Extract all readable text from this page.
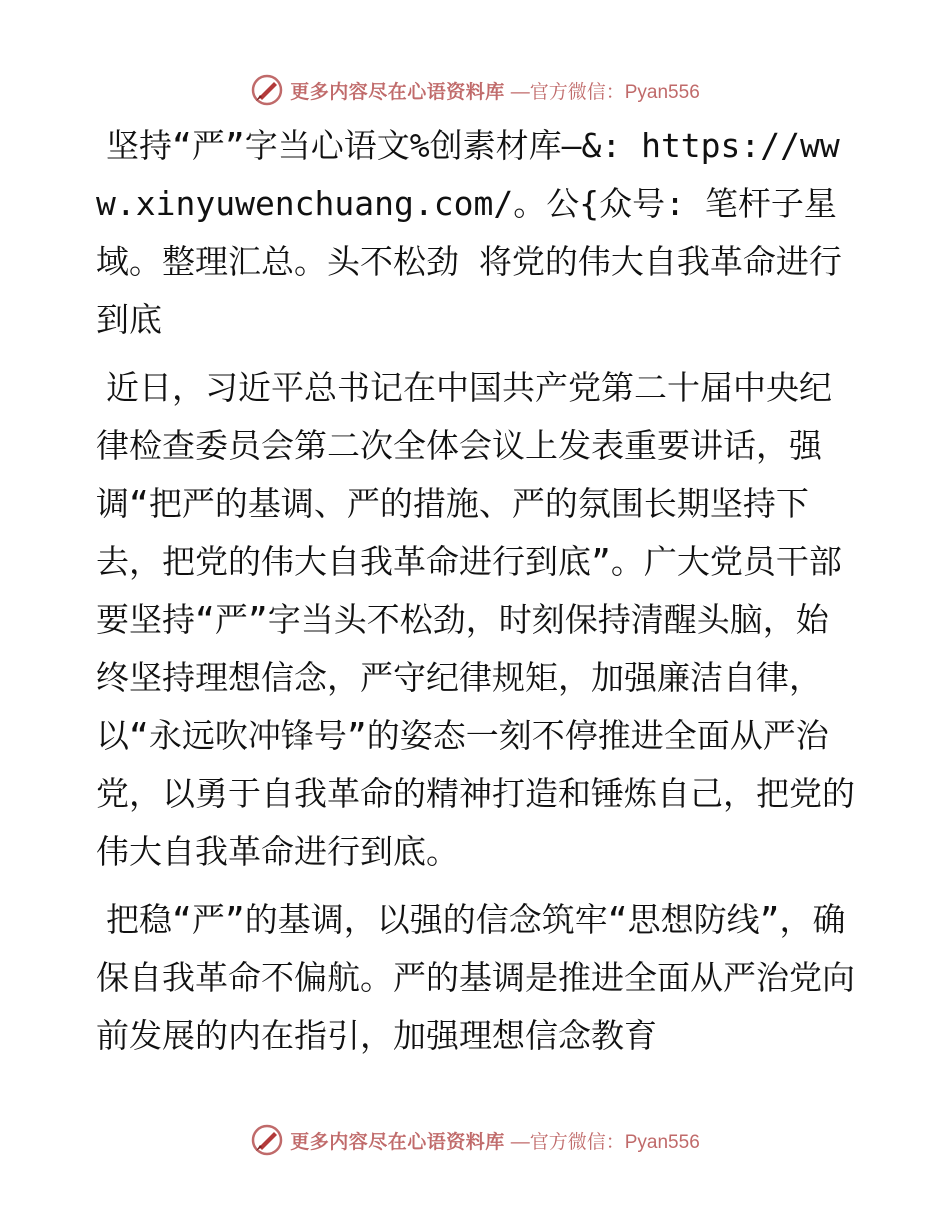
更多内容尽在心语资料库 —官方微信：Pyan556

坚持“严”字当心语文%创素材库—&: https://www.xinyuwenchuang.com/。公{众号: 笔杆子星域。整理汇总。头不松劲 将党的伟大自我革命进行到底

近日，习近平总书记在中国共产党第二十届中央纪律检查委员会第二次全体会议上发表重要讲话，强调“把严的基调、严的措施、严的氛围长期坚持下去，把党的伟大自我革命进行到底”。广大党员干部要坚持“严”字当头不松劲，时刻保持清醒头脑，始终坚持理想信念，严守纪律规矩，加强廉洁自律，以“永远吹冲锋号”的姿态一刻不停推进全面从严治党，以勇于自我革命的精神打造和锤炼自己，把党的伟大自我革命进行到底。

把稳“严”的基调，以强的信念筑牢“思想防线”，确保自我革命不偏航。严的基调是推进全面从严治党向前发展的内在指引，加强理想信念教育

更多内容尽在心语资料库 —官方微信：Pyan556
